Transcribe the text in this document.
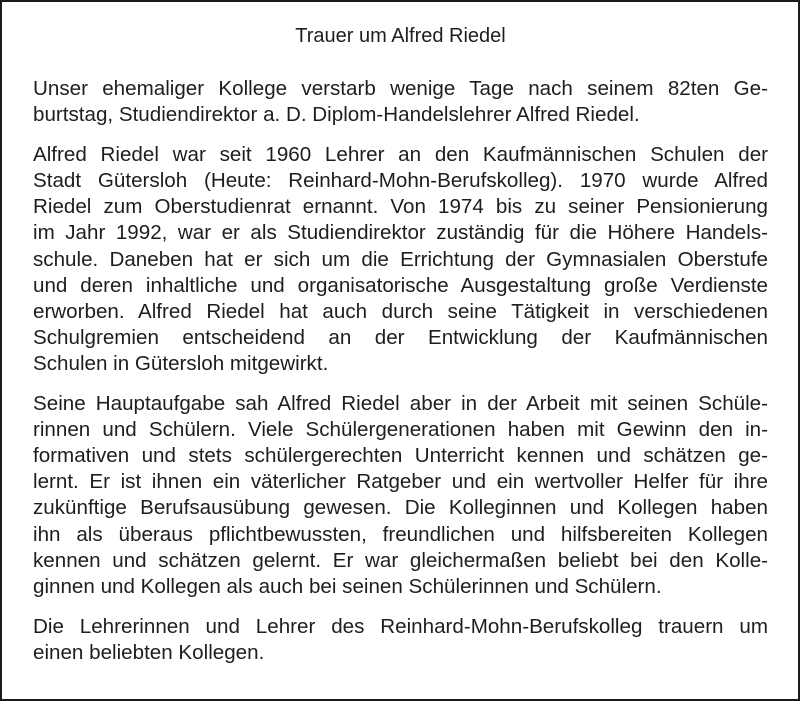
Trauer um Alfred Riedel
Unser ehemaliger Kollege verstarb wenige Tage nach seinem 82ten Ge-
burtstag, Studiendirektor a. D. Diplom-Handelslehrer Alfred Riedel.
Alfred Riedel war seit 1960 Lehrer an den Kaufmännischen Schulen der
Stadt Gütersloh (Heute: Reinhard-Mohn-Berufskolleg). 1970 wurde Alfred
Riedel zum Oberstudienrat ernannt. Von 1974 bis zu seiner Pensionierung
im Jahr 1992, war er als Studiendirektor zuständig für die Höhere Handels-
schule. Daneben hat er sich um die Errichtung der Gymnasialen Oberstufe
und deren inhaltliche und organisatorische Ausgestaltung große Verdienste
erworben. Alfred Riedel hat auch durch seine Tätigkeit in verschiedenen
Schulgremien entscheidend an der Entwicklung der Kaufmännischen
Schulen in Gütersloh mitgewirkt.
Seine Hauptaufgabe sah Alfred Riedel aber in der Arbeit mit seinen Schüle-
rinnen und Schülern. Viele Schülergenerationen haben mit Gewinn den in-
formativen und stets schülergerechten Unterricht kennen und schätzen ge-
lernt. Er ist ihnen ein väterlicher Ratgeber und ein wertvoller Helfer für ihre
zukünftige Berufsausübung gewesen. Die Kolleginnen und Kollegen haben
ihn als überaus pflichtbewussten, freundlichen und hilfsbereiten Kollegen
kennen und schätzen gelernt. Er war gleichermaßen beliebt bei den Kolle-
ginnen und Kollegen als auch bei seinen Schülerinnen und Schülern.
Die Lehrerinnen und Lehrer des Reinhard-Mohn-Berufskolleg trauern um
einen beliebten Kollegen.
